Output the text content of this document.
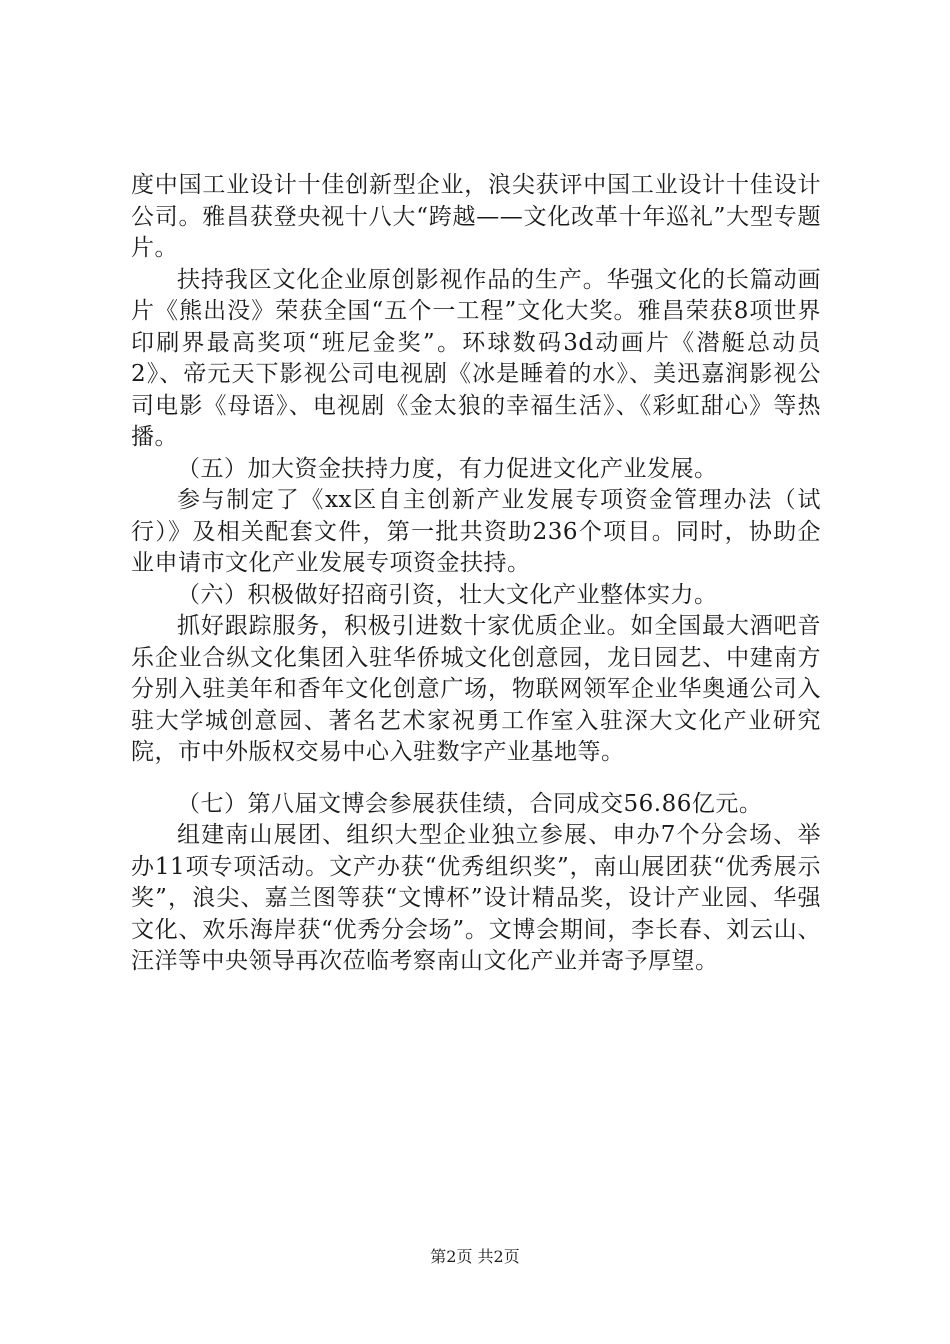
度中国工业设计十佳创新型企业，浪尖获评中国工业设计十佳设计公司。雅昌获登央视十八大“跨越——文化改革十年巡礼”大型专题片。

扶持我区文化企业原创影视作品的生产。华强文化的长篇动画片《熊出没》荣获全国“五个一工程”文化大奖。雅昌荣获8项世界印刷界最高奖项“班尼金奖”。环球数码3d动画片《潜艇总动员2》、帝元天下影视公司电视剧《冰是睡着的水》、美迅嘉润影视公司电影《母语》、电视剧《金太狼的幸福生活》、《彩虹甜心》等热播。

（五）加大资金扶持力度，有力促进文化产业发展。

参与制定了《xx区自主创新产业发展专项资金管理办法（试行）》及相关配套文件，第一批共资助236个项目。同时，协助企业申请市文化产业发展专项资金扶持。

（六）积极做好招商引资，壮大文化产业整体实力。

抓好跟踪服务，积极引进数十家优质企业。如全国最大酒吧音乐企业合纵文化集团入驻华侨城文化创意园，龙日园艺、中建南方分别入驻美年和香年文化创意广场，物联网领军企业华奥通公司入驻大学城创意园、著名艺术家祝勇工作室入驻深大文化产业研究院，市中外版权交易中心入驻数字产业基地等。

（七）第八届文博会参展获佳绩，合同成交56.86亿元。

组建南山展团、组织大型企业独立参展、申办7个分会场、举办11项专项活动。文产办获“优秀组织奖”，南山展团获“优秀展示奖”，浪尖、嘉兰图等获“文博杯”设计精品奖，设计产业园、华强文化、欢乐海岸获“优秀分会场”。文博会期间，李长春、刘云山、汪洋等中央领导再次莅临考察南山文化产业并寄予厚望。

第2页 共2页
